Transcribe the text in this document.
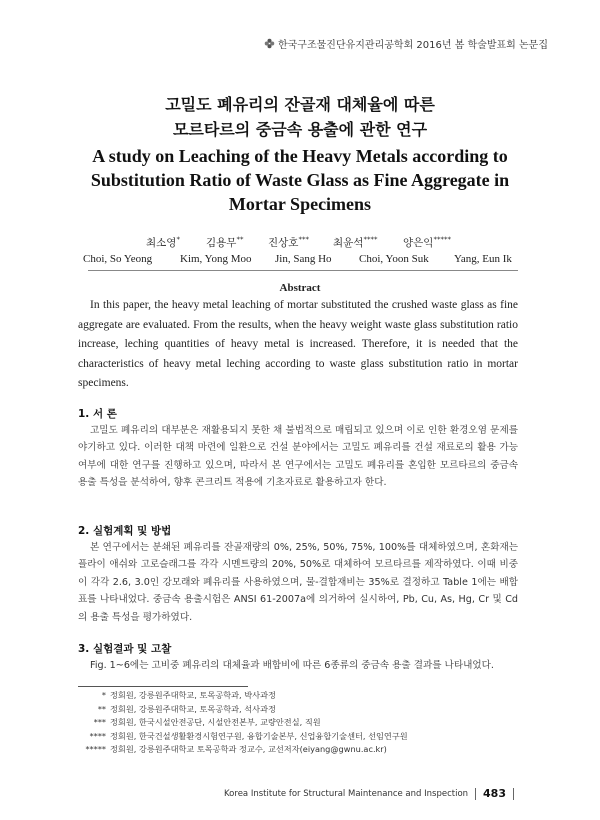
한국구조물진단유지관리공학회 2016년 봄 학술발표회 논문집
고밀도 폐유리의 잔골재 대체율에 따른
모르타르의 중금속 용출에 관한 연구
A study on Leaching of the Heavy Metals according to
Substitution Ratio of Waste Glass as Fine Aggregate in
Mortar Specimens
최소영* 김용무** 진상호*** 최윤석**** 양은익*****
Choi, So Yeong	Kim, Yong Moo Jin, Sang Ho Choi, Yoon Suk Yang, Eun Ik
Abstract

In this paper, the heavy metal leaching of mortar substituted the crushed waste glass as fine aggregate are evaluated. From the results, when the heavy weight waste glass substitution ratio increase, leching quantities of heavy metal is increased. Therefore, it is needed that the characteristics of heavy metal leching according to waste glass substitution ratio in mortar specimens.

1. 서 론

고밀도 폐유리의 대부분은 재활용되지 못한 채 불법적으로 매립되고 있으며 이로 인한 환경오염 문제를 야기하고 있다. 이러한 대책 마련에 일환으로 건설 분야에서는 고밀도 폐유리를 건설 재료로의 활용 가능여부에 대한 연구를 진행하고 있으며, 따라서 본 연구에서는 고밀도 폐유리를 혼입한 모르타르의 중금속 용출 특성을 분석하여, 향후 콘크리트 적용에 기초자료로 활용하고자 한다.

2. 실험계획 및 방법

본 연구에서는 분쇄된 폐유리를 잔골재량의 0%, 25%, 50%, 75%, 100%를 대체하였으며, 혼화재는 플라이 애쉬와 고로슬래그를 각각 시멘트량의 20%, 50%로 대체하여 모르타르를 제작하였다. 이때 비중이 각각 2.6, 3.0인 강모래와 폐유리를 사용하였으며, 물-결합재비는 35%로 결정하고 Table 1에는 배합표를 나타내었다. 중금속 용출시험은 ANSI 61-2007a에 의거하여 실시하여, Pb, Cu, As, Hg, Cr 및 Cd의 용출 특성을 평가하였다.

3. 실험결과 및 고찰

Fig. 1~6에는 고비중 폐유리의 대체율과 배합비에 따른 6종류의 중금속 용출 결과를 나타내었다.

* 정회원, 강릉원주대학교, 토목공학과, 박사과정
** 정회원, 강릉원주대학교, 토목공학과, 석사과정
*** 정회원, 한국시설안전공단, 시설안전본부, 교량안전실, 직원
**** 정회원, 한국건설생활환경시험연구원, 융합기술본부, 신업융합기술센터, 선임연구원
***** 정회원, 강릉원주대학교 토목공학과 정교수, 교선저자(eiyang@gwnu.ac.kr)
Korea Institute for Structural Maintenance and Inspection 483
